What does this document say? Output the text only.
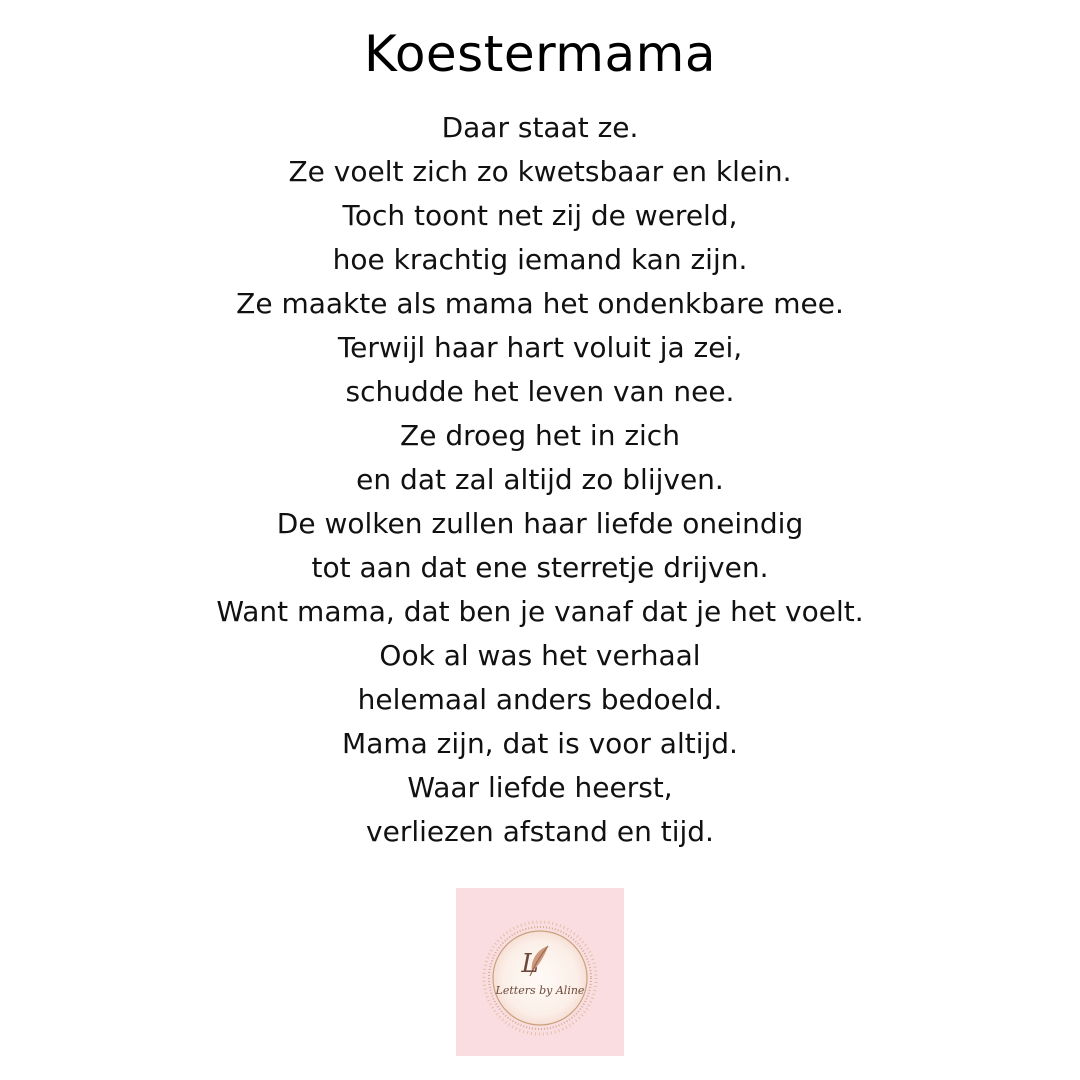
Koestermama
Daar staat ze.
Ze voelt zich zo kwetsbaar en klein.
Toch toont net zij de wereld,
hoe krachtig iemand kan zijn.
Ze maakte als mama het ondenkbare mee.
Terwijl haar hart voluit ja zei,
schudde het leven van nee.
Ze droeg het in zich
en dat zal altijd zo blijven.
De wolken zullen haar liefde oneindig
tot aan dat ene sterretje drijven.
Want mama, dat ben je vanaf dat je het voelt.
Ook al was het verhaal
helemaal anders bedoeld.
Mama zijn, dat is voor altijd.
Waar liefde heerst,
verliezen afstand en tijd.
L
Letters by Aline
